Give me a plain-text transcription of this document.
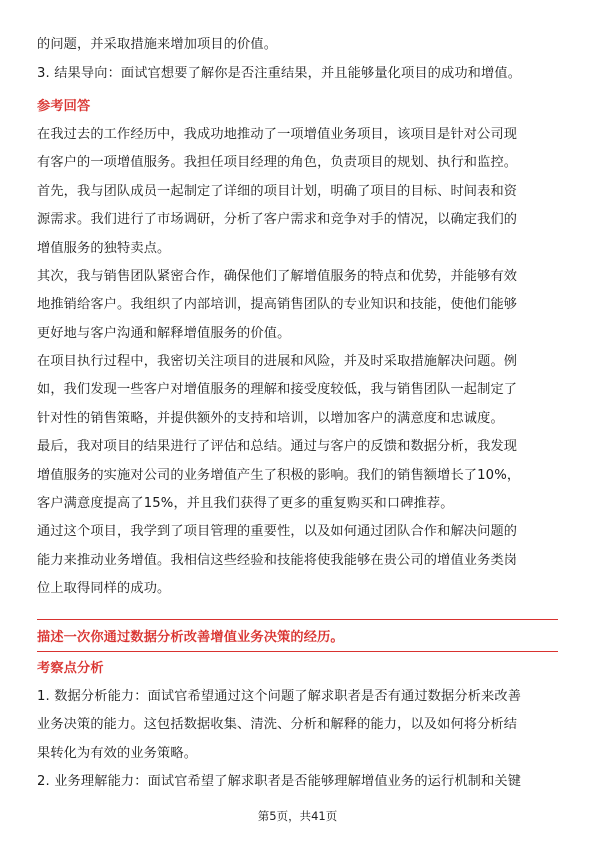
的问题，并采取措施来增加项目的价值。
3. 结果导向：面试官想要了解你是否注重结果，并且能够量化项目的成功和增值。
参考回答
在我过去的工作经历中，我成功地推动了一项增值业务项目，该项目是针对公司现
有客户的一项增值服务。我担任项目经理的角色，负责项目的规划、执行和监控。
首先，我与团队成员一起制定了详细的项目计划，明确了项目的目标、时间表和资
源需求。我们进行了市场调研，分析了客户需求和竞争对手的情况，以确定我们的
增值服务的独特卖点。
其次，我与销售团队紧密合作，确保他们了解增值服务的特点和优势，并能够有效
地推销给客户。我组织了内部培训，提高销售团队的专业知识和技能，使他们能够
更好地与客户沟通和解释增值服务的价值。
在项目执行过程中，我密切关注项目的进展和风险，并及时采取措施解决问题。例
如，我们发现一些客户对增值服务的理解和接受度较低，我与销售团队一起制定了
针对性的销售策略，并提供额外的支持和培训，以增加客户的满意度和忠诚度。
最后，我对项目的结果进行了评估和总结。通过与客户的反馈和数据分析，我发现
增值服务的实施对公司的业务增值产生了积极的影响。我们的销售额增长了10%，
客户满意度提高了15%，并且我们获得了更多的重复购买和口碑推荐。
通过这个项目，我学到了项目管理的重要性，以及如何通过团队合作和解决问题的
能力来推动业务增值。我相信这些经验和技能将使我能够在贵公司的增值业务类岗
位上取得同样的成功。
描述一次你通过数据分析改善增值业务决策的经历。
考察点分析
1. 数据分析能力：面试官希望通过这个问题了解求职者是否有通过数据分析来改善
业务决策的能力。这包括数据收集、清洗、分析和解释的能力，以及如何将分析结
果转化为有效的业务策略。
2. 业务理解能力：面试官希望了解求职者是否能够理解增值业务的运行机制和关键
第5页，共41页
